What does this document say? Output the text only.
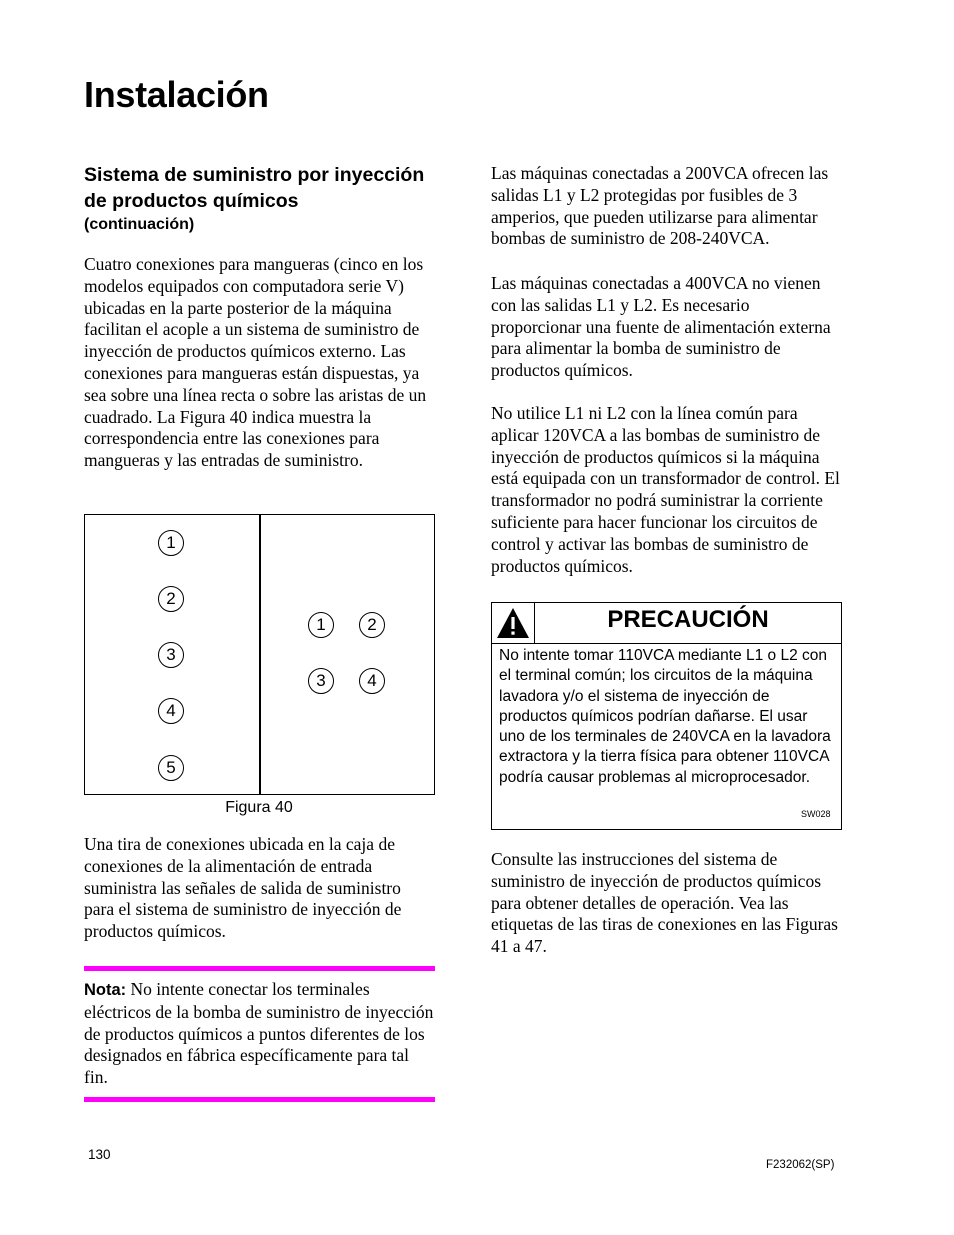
Instalación
Sistema de suministro por inyección de productos químicos
(continuación)
Cuatro conexiones para mangueras (cinco en los modelos equipados con computadora serie V) ubicadas en la parte posterior de la máquina facilitan el acople a un sistema de suministro de inyección de productos químicos externo. Las conexiones para mangueras están dispuestas, ya sea sobre una línea recta o sobre las aristas de un cuadrado. La Figura 40 indica muestra la correspondencia entre las conexiones para mangueras y las entradas de suministro.
1
2
3
4
5
1	2
3	4
Figura 40
Una tira de conexiones ubicada en la caja de conexiones de la alimentación de entrada suministra las señales de salida de suministro para el sistema de suministro de inyección de productos químicos.
Nota: No intente conectar los terminales eléctricos de la bomba de suministro de inyección de productos químicos a puntos diferentes de los designados en fábrica específicamente para tal fin.
Las máquinas conectadas a 200VCA ofrecen las salidas L1 y L2 protegidas por fusibles de 3 amperios, que pueden utilizarse para alimentar bombas de suministro de 208-240VCA.
Las máquinas conectadas a 400VCA no vienen con las salidas L1 y L2. Es necesario proporcionar una fuente de alimentación externa para alimentar la bomba de suministro de productos químicos.
No utilice L1 ni L2 con la línea común para aplicar 120VCA a las bombas de suministro de inyección de productos químicos si la máquina está equipada con un transformador de control. El transformador no podrá suministrar la corriente suficiente para hacer funcionar los circuitos de control y activar las bombas de suministro de productos químicos.
PRECAUCIÓN
No intente tomar 110VCA mediante L1 o L2 con el terminal común; los circuitos de la máquina lavadora y/o el sistema de inyección de productos químicos podrían dañarse. El usar uno de los terminales de 240VCA en la lavadora extractora y la tierra física para obtener 110VCA podría causar problemas al microprocesador.
SW028
Consulte las instrucciones del sistema de suministro de inyección de productos químicos para obtener detalles de operación. Vea las etiquetas de las tiras de conexiones en las Figuras 41 a 47.
130
F232062(SP)
